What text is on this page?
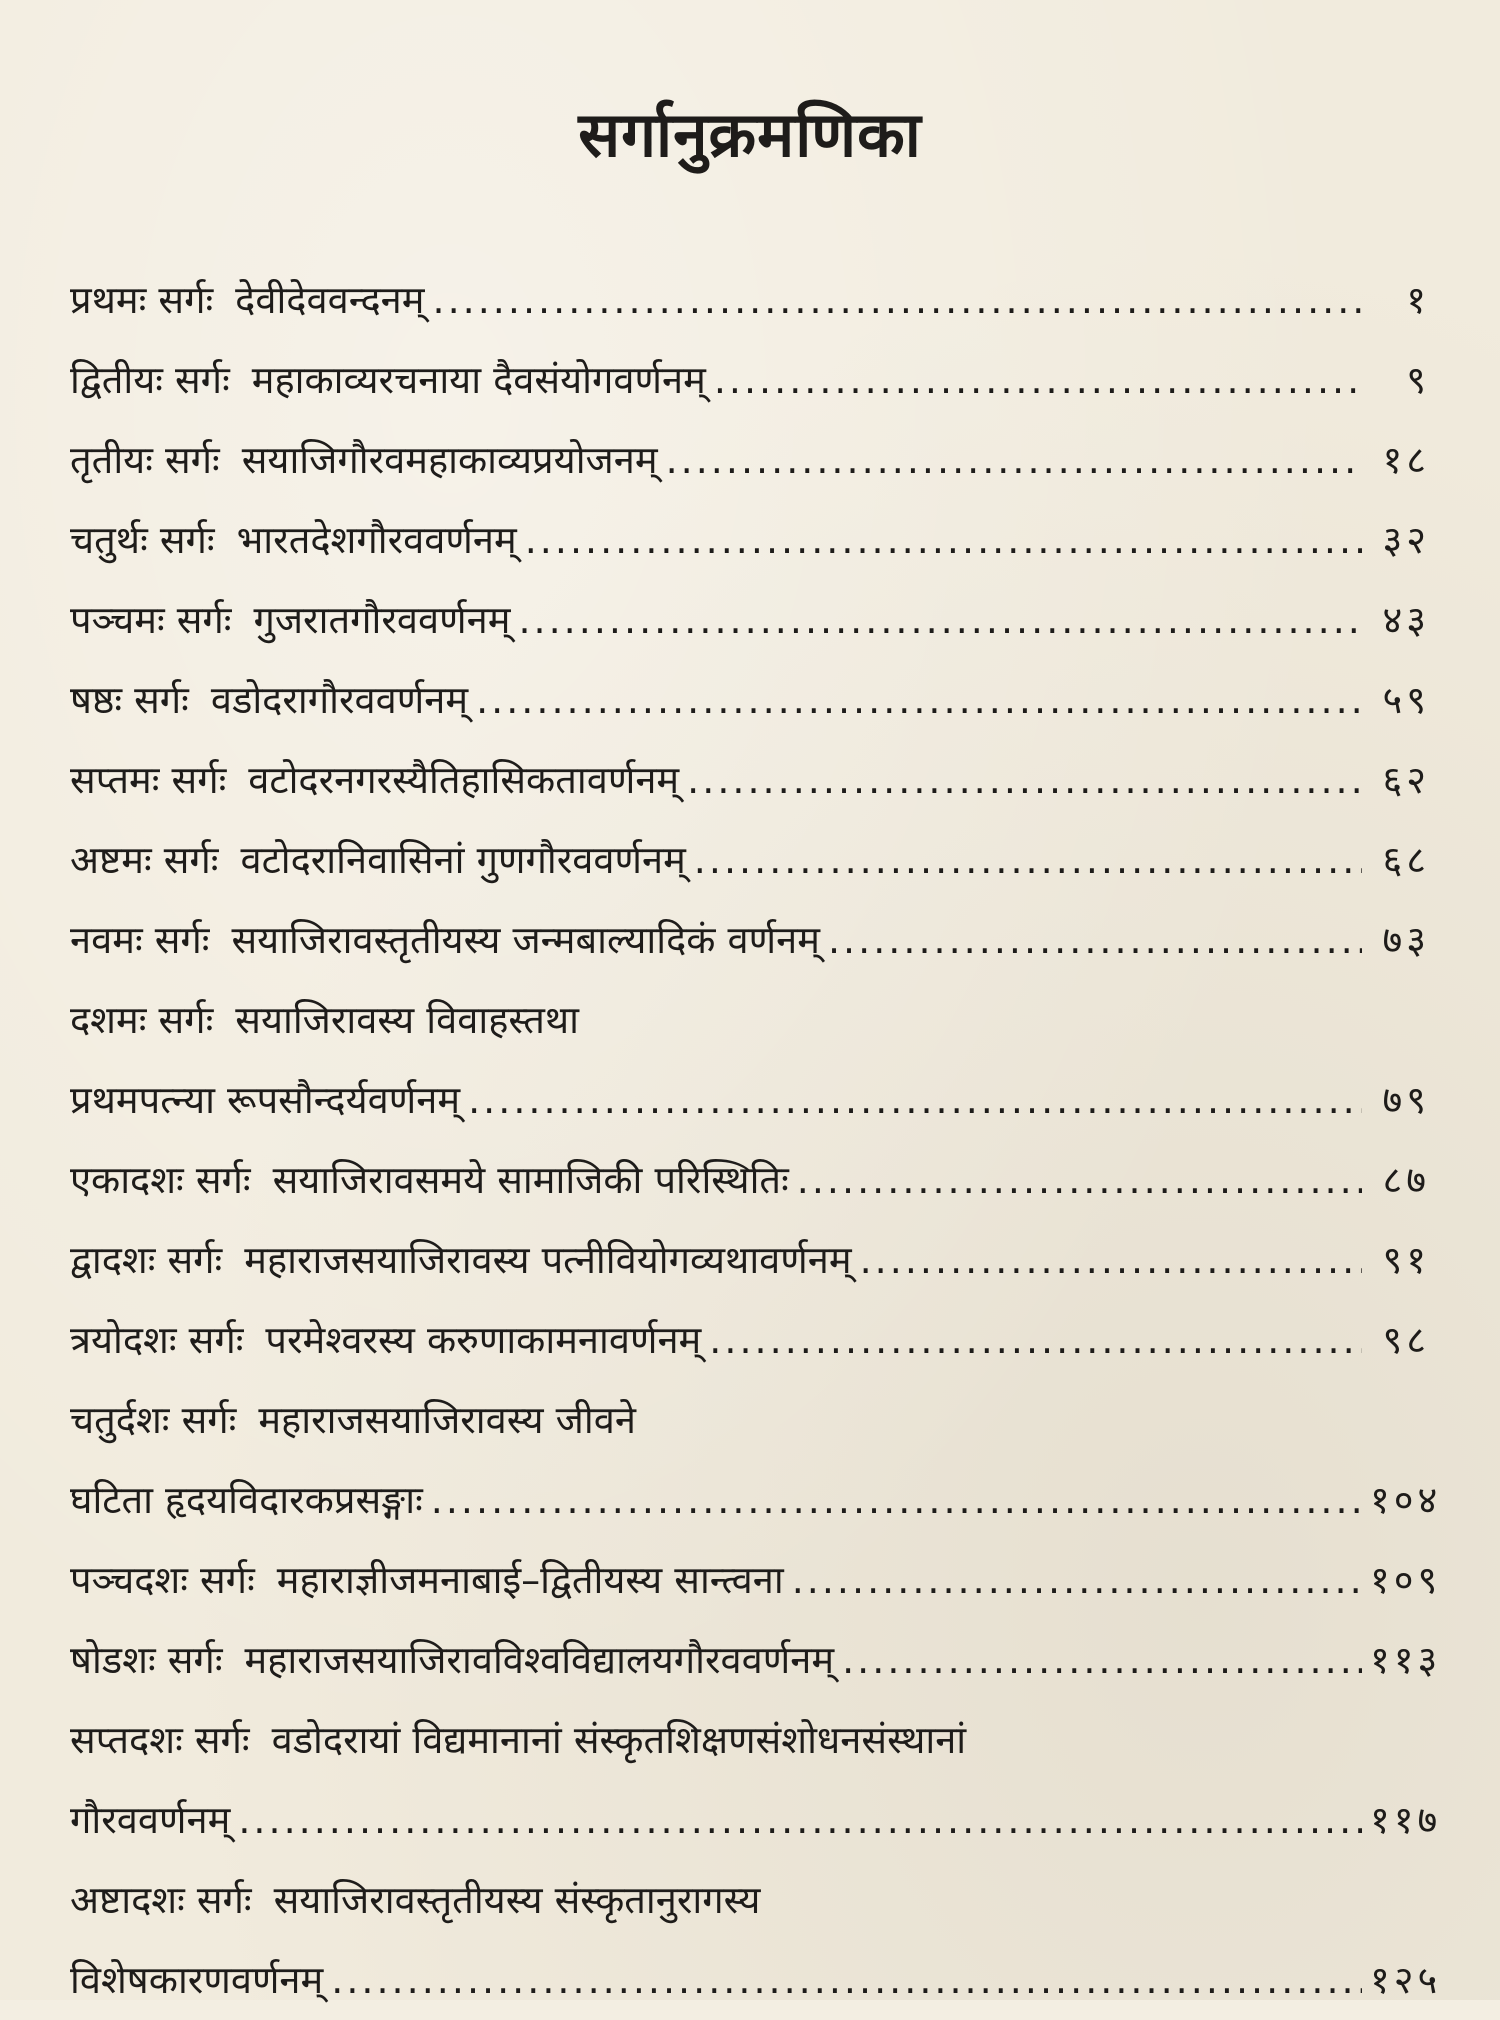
सर्गानुक्रमणिका
प्रथमः सर्गः देवीदेववन्दनम् .....	१
द्वितीयः सर्गः महाकाव्यरचनाया दैवसंयोगवर्णनम् .....	९
तृतीयः सर्गः सयाजिगौरवमहाकाव्यप्रयोजनम् .....	१८
चतुर्थः सर्गः भारतदेशगौरववर्णनम् .....	३२
पञ्चमः सर्गः गुजरातगौरववर्णनम् .....	४३
षष्ठः सर्गः वडोदरागौरववर्णनम् .....	५९
सप्तमः सर्गः वटोदरनगरस्यैतिहासिकतावर्णनम् .....	६२
अष्टमः सर्गः वटोदरानिवासिनां गुणगौरववर्णनम् .....	६८
नवमः सर्गः सयाजिरावस्तृतीयस्य जन्मबाल्यादिकं वर्णनम् .....	७३
दशमः सर्गः सयाजिरावस्य विवाहस्तथा
प्रथमपत्न्या रूपसौन्दर्यवर्णनम् .....	७९
एकादशः सर्गः सयाजिरावसमये सामाजिकी परिस्थितिः .....	८७
द्वादशः सर्गः महाराजसयाजिरावस्य पत्नीवियोगव्यथावर्णनम् .....	९१
त्रयोदशः सर्गः परमेश्वरस्य करुणाकामनावर्णनम् .....	९८
चतुर्दशः सर्गः महाराजसयाजिरावस्य जीवने
घटिता हृदयविदारकप्रसङ्गाः .....	१०४
पञ्चदशः सर्गः महाराज्ञीजमनाबाई–द्वितीयस्य सान्त्वना .....	१०९
षोडशः सर्गः महाराजसयाजिरावविश्वविद्यालयगौरववर्णनम् .....	११३
सप्तदशः सर्गः वडोदरायां विद्यमानानां संस्कृतशिक्षणसंशोधनसंस्थानां
गौरववर्णनम् .....	११७
अष्टादशः सर्गः सयाजिरावस्तृतीयस्य संस्कृतानुरागस्य
विशेषकारणवर्णनम् .....	१२५
